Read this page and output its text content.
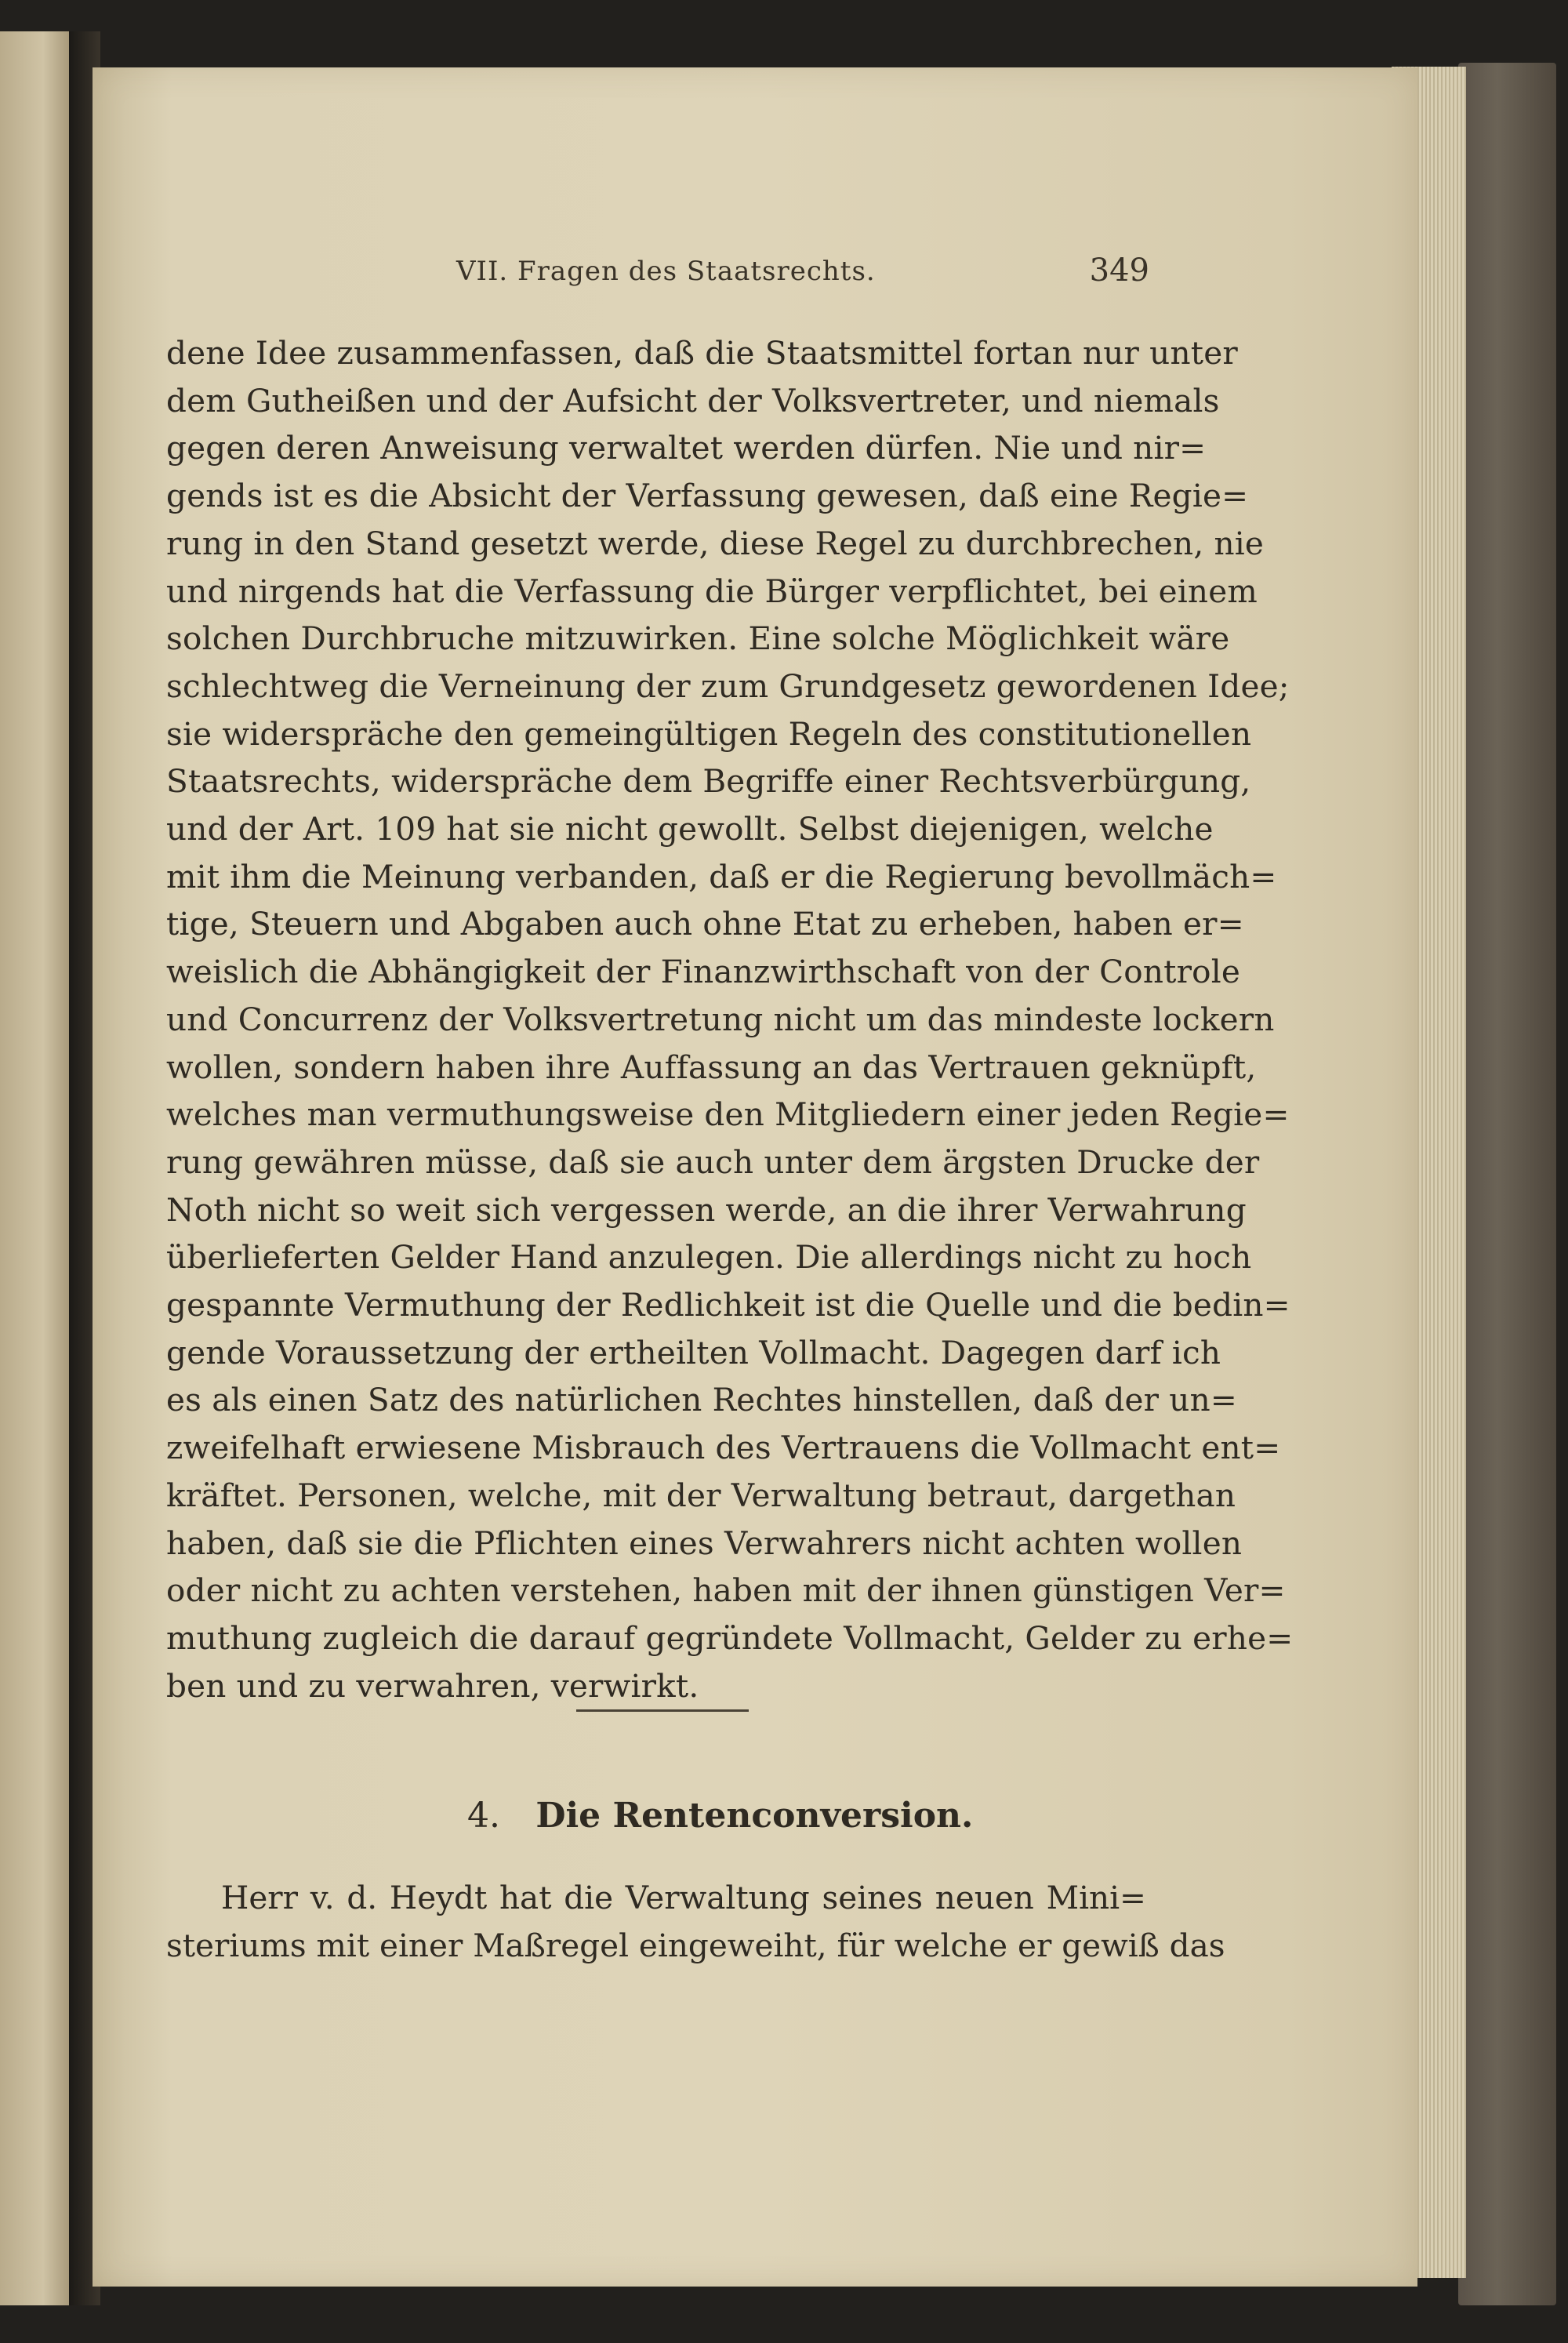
VII. Fragen des Staatsrechts.	349
dene Idee zusammenfassen, daß die Staatsmittel fortan nur unter
dem Gutheißen und der Aufsicht der Volksvertreter, und niemals
gegen deren Anweisung verwaltet werden dürfen. Nie und nir=
gends ist es die Absicht der Verfassung gewesen, daß eine Regie=
rung in den Stand gesetzt werde, diese Regel zu durchbrechen, nie
und nirgends hat die Verfassung die Bürger verpflichtet, bei einem
solchen Durchbruche mitzuwirken. Eine solche Möglichkeit wäre
schlechtweg die Verneinung der zum Grundgesetz gewordenen Idee;
sie widerspräche den gemeingültigen Regeln des constitutionellen
Staatsrechts, widerspräche dem Begriffe einer Rechtsverbürgung,
und der Art. 109 hat sie nicht gewollt. Selbst diejenigen, welche
mit ihm die Meinung verbanden, daß er die Regierung bevollmäch=
tige, Steuern und Abgaben auch ohne Etat zu erheben, haben er=
weislich die Abhängigkeit der Finanzwirthschaft von der Controle
und Concurrenz der Volksvertretung nicht um das mindeste lockern
wollen, sondern haben ihre Auffassung an das Vertrauen geknüpft,
welches man vermuthungsweise den Mitgliedern einer jeden Regie=
rung gewähren müsse, daß sie auch unter dem ärgsten Drucke der
Noth nicht so weit sich vergessen werde, an die ihrer Verwahrung
überlieferten Gelder Hand anzulegen. Die allerdings nicht zu hoch
gespannte Vermuthung der Redlichkeit ist die Quelle und die bedin=
gende Voraussetzung der ertheilten Vollmacht. Dagegen darf ich
es als einen Satz des natürlichen Rechtes hinstellen, daß der un=
zweifelhaft erwiesene Misbrauch des Vertrauens die Vollmacht ent=
kräftet. Personen, welche, mit der Verwaltung betraut, dargethan
haben, daß sie die Pflichten eines Verwahrers nicht achten wollen
oder nicht zu achten verstehen, haben mit der ihnen günstigen Ver=
muthung zugleich die darauf gegründete Vollmacht, Gelder zu erhe=
ben und zu verwahren, verwirkt.
4. Die Rentenconversion.
Herr v. d. Heydt hat die Verwaltung seines neuen Mini=
steriums mit einer Maßregel eingeweiht, für welche er gewiß das
